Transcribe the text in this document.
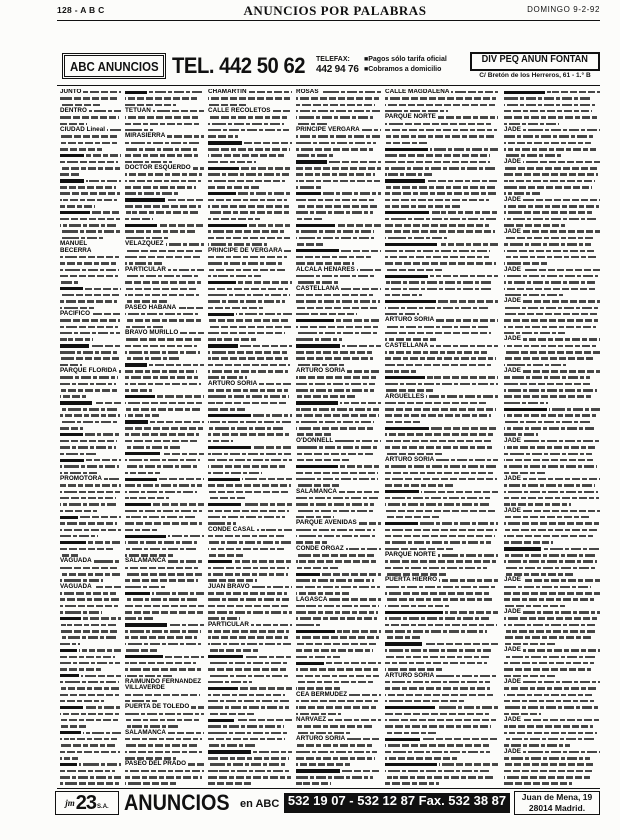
128 - A B C	ANUNCIOS POR PALABRAS	DOMINGO 9-2-92
ABC ANUNCIOS TEL. 442 50 62 TELEFAX:
442 94 76
■ Pagos sólo tarifa oficial
■ Cobramos a domicilio
DIV PEQ ANUN FONTAN
C/ Bretón de los Herreros, 61 - 1.° B
JUNTO
DENTRO
CIUDAD Lineal
MANUEL BECERRA
PACIFICO
PARQUE FLORIDA
PROMOTORA
VAGUADA
VAGUADA
TETUAN
MIRASIERRA
DOCTOR ESQUERDO
VELAZQUEZ
PARTICULAR
PASEO HABANA
BRAVO MURILLO
SALAMANCA
RAIMUNDO FERNANDEZ VILLAVERDE
PUERTA DE TOLEDO
SALAMANCA
PASEO DEL PRADO
CHAMARTIN
CALLE RECOLETOS
PRINCIPE DE VERGARA
ARTURO SORIA
CONDE CASAL
JUAN BRAVO
PARTICULAR
ROSAS
PRINCIPE VERGARA
ALCALA HENARES
CASTELLANA
ARTURO SORIA
O'DONNELL
SALAMANCA
PARQUE AVENIDAS
CONDE ORGAZ
LAGASCA
CEA BERMUDEZ
NARVAEZ
ARTURO SORIA
CALLE MAGDALENA
PARQUE NORTE
ARTURO SORIA
CASTELLANA
ARGUELLES
ARTURO SORIA
PARQUE NORTE
PUERTA HIERRO
ARTURO SORIA
JADE
JADE
JADE
JADE
JADE
JADE
JADE
JADE
JADE
JADE
JADE
JADE
JADE
JADE
JADE
JADE
JADE
jm 23 S.A. ANUNCIOS en ABC 532 19 07 - 532 12 87 Fax. 532 38 87	Juan de Mena, 19
28014 Madrid.
